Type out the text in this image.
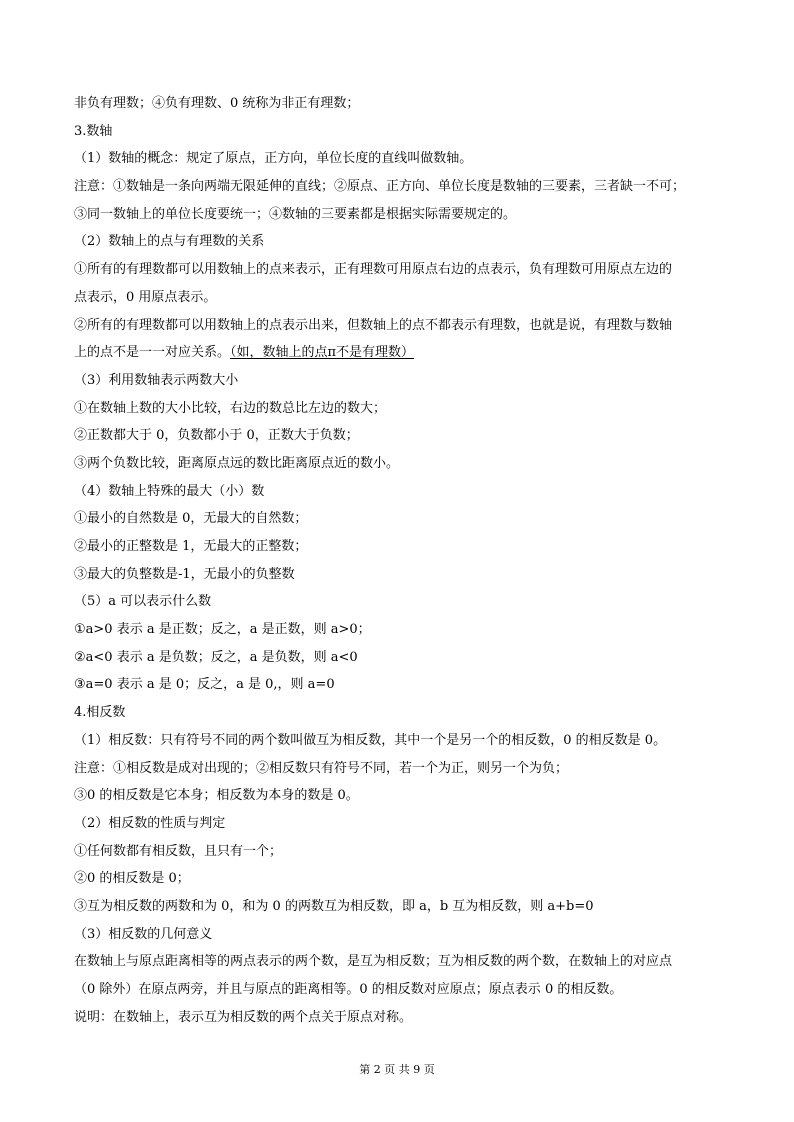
非负有理数；④负有理数、0 统称为非正有理数；
3.数轴
（1）数轴的概念：规定了原点，正方向，单位长度的直线叫做数轴。
注意：①数轴是一条向两端无限延伸的直线；②原点、正方向、单位长度是数轴的三要素，三者缺一不可；
③同一数轴上的单位长度要统一；④数轴的三要素都是根据实际需要规定的。
（2）数轴上的点与有理数的关系
①所有的有理数都可以用数轴上的点来表示，正有理数可用原点右边的点表示，负有理数可用原点左边的
点表示，0 用原点表示。
②所有的有理数都可以用数轴上的点表示出来，但数轴上的点不都表示有理数，也就是说，有理数与数轴
上的点不是一一对应关系。（如，数轴上的点π不是有理数）
（3）利用数轴表示两数大小
①在数轴上数的大小比较，右边的数总比左边的数大；
②正数都大于 0，负数都小于 0，正数大于负数；
③两个负数比较，距离原点远的数比距离原点近的数小。
（4）数轴上特殊的最大（小）数
①最小的自然数是 0，无最大的自然数；
②最小的正整数是 1，无最大的正整数；
③最大的负整数是-1，无最小的负整数
（5）a 可以表示什么数
①a>0 表示 a 是正数；反之，a 是正数，则 a>0；
②a<0 表示 a 是负数；反之，a 是负数，则 a<0
③a=0 表示 a 是 0；反之，a 是 0,，则 a=0
4.相反数
（1）相反数：只有符号不同的两个数叫做互为相反数，其中一个是另一个的相反数，0 的相反数是 0。
注意：①相反数是成对出现的；②相反数只有符号不同，若一个为正，则另一个为负；
③0 的相反数是它本身；相反数为本身的数是 0。
（2）相反数的性质与判定
①任何数都有相反数，且只有一个；
②0 的相反数是 0；
③互为相反数的两数和为 0，和为 0 的两数互为相反数，即 a，b 互为相反数，则 a+b=0
（3）相反数的几何意义
在数轴上与原点距离相等的两点表示的两个数，是互为相反数；互为相反数的两个数，在数轴上的对应点
（0 除外）在原点两旁，并且与原点的距离相等。0 的相反数对应原点；原点表示 0 的相反数。
说明：在数轴上，表示互为相反数的两个点关于原点对称。
第 2 页 共 9 页
